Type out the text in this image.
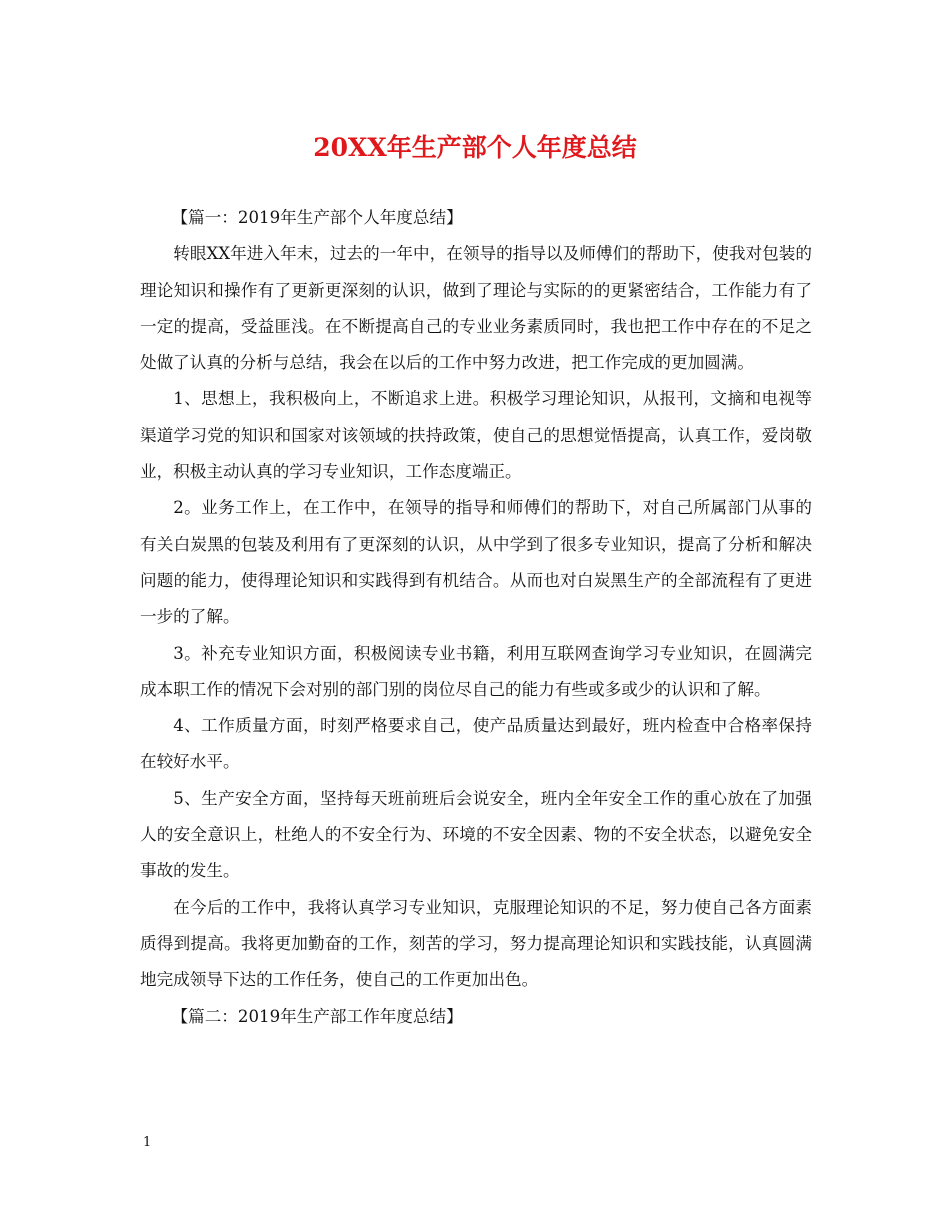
20XX年生产部个人年度总结

【篇一：2019年生产部个人年度总结】

转眼XX年进入年末，过去的一年中，在领导的指导以及师傅们的帮助下，使我对包装的理论知识和操作有了更新更深刻的认识，做到了理论与实际的的更紧密结合，工作能力有了一定的提高，受益匪浅。在不断提高自己的专业业务素质同时，我也把工作中存在的不足之处做了认真的分析与总结，我会在以后的工作中努力改进，把工作完成的更加圆满。

1、思想上，我积极向上，不断追求上进。积极学习理论知识，从报刊，文摘和电视等渠道学习党的知识和国家对该领域的扶持政策，使自己的思想觉悟提高，认真工作，爱岗敬业，积极主动认真的学习专业知识，工作态度端正。

2。业务工作上，在工作中，在领导的指导和师傅们的帮助下，对自己所属部门从事的有关白炭黑的包装及利用有了更深刻的认识，从中学到了很多专业知识，提高了分析和解决问题的能力，使得理论知识和实践得到有机结合。从而也对白炭黑生产的全部流程有了更进一步的了解。

3。补充专业知识方面，积极阅读专业书籍，利用互联网查询学习专业知识，在圆满完成本职工作的情况下会对别的部门别的岗位尽自己的能力有些或多或少的认识和了解。

4、工作质量方面，时刻严格要求自己，使产品质量达到最好，班内检查中合格率保持在较好水平。

5、生产安全方面，坚持每天班前班后会说安全，班内全年安全工作的重心放在了加强人的安全意识上，杜绝人的不安全行为、环境的不安全因素、物的不安全状态，以避免安全事故的发生。

在今后的工作中，我将认真学习专业知识，克服理论知识的不足，努力使自己各方面素质得到提高。我将更加勤奋的工作，刻苦的学习，努力提高理论知识和实践技能，认真圆满地完成领导下达的工作任务，使自己的工作更加出色。

【篇二：2019年生产部工作年度总结】

1
